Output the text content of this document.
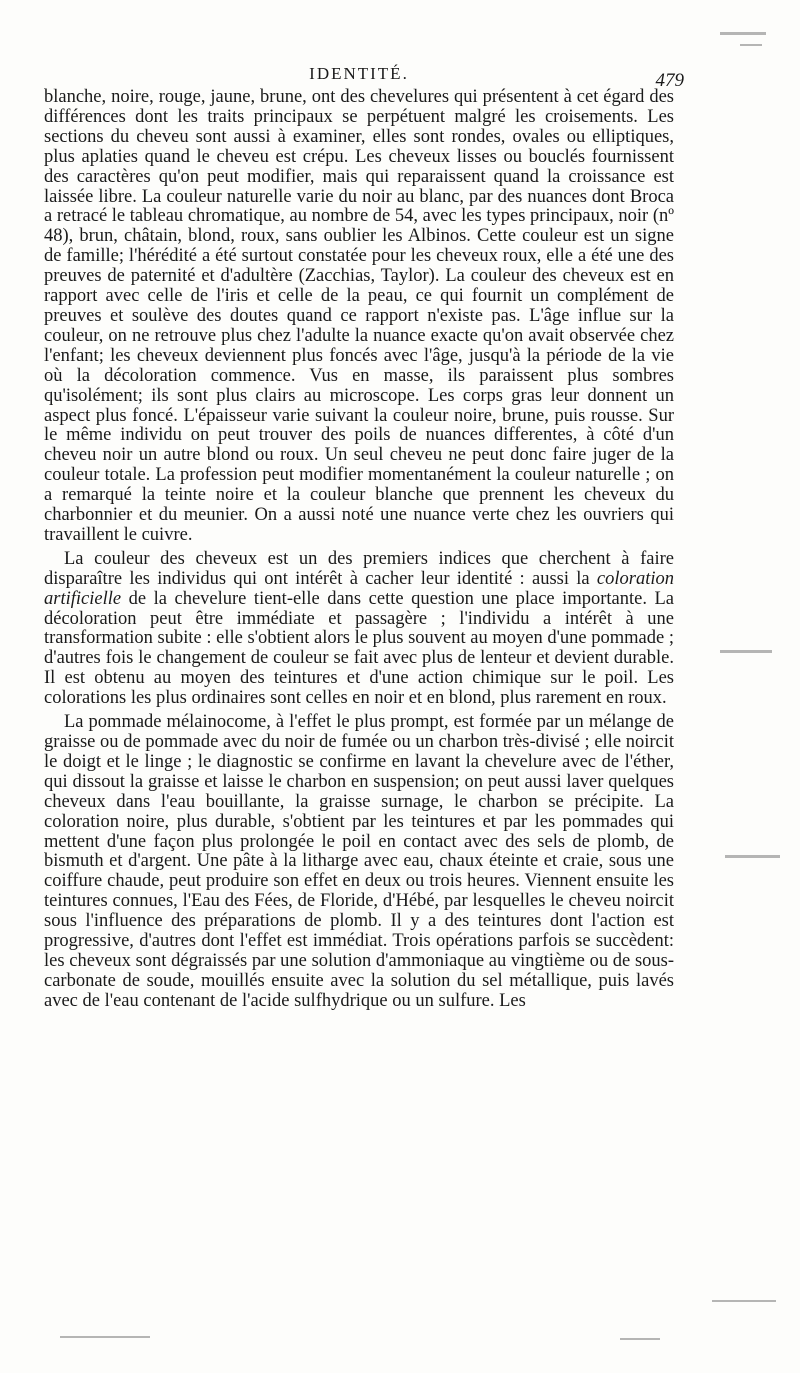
IDENTITÉ.	479

blanche, noire, rouge, jaune, brune, ont des chevelures qui présentent à cet égard des différences dont les traits principaux se perpétuent malgré les croisements. Les sections du cheveu sont aussi à examiner, elles sont rondes, ovales ou elliptiques, plus aplaties quand le cheveu est crépu. Les cheveux lisses ou bouclés fournissent des caractères qu'on peut modifier, mais qui reparaissent quand la croissance est laissée libre. La couleur naturelle varie du noir au blanc, par des nuances dont Broca a retracé le tableau chromatique, au nombre de 54, avec les types principaux, noir (nº 48), brun, châtain, blond, roux, sans oublier les Albinos. Cette couleur est un signe de famille; l'hérédité a été surtout constatée pour les cheveux roux, elle a été une des preuves de paternité et d'adultère (Zacchias, Taylor). La couleur des cheveux est en rapport avec celle de l'iris et celle de la peau, ce qui fournit un complément de preuves et soulève des doutes quand ce rapport n'existe pas. L'âge influe sur la couleur, on ne retrouve plus chez l'adulte la nuance exacte qu'on avait observée chez l'enfant; les cheveux deviennent plus foncés avec l'âge, jusqu'à la période de la vie où la décoloration commence. Vus en masse, ils paraissent plus sombres qu'isolément; ils sont plus clairs au microscope. Les corps gras leur donnent un aspect plus foncé. L'épaisseur varie suivant la couleur noire, brune, puis rousse. Sur le même individu on peut trouver des poils de nuances differentes, à côté d'un cheveu noir un autre blond ou roux. Un seul cheveu ne peut donc faire juger de la couleur totale. La profession peut modifier momentanément la couleur naturelle ; on a remarqué la teinte noire et la couleur blanche que prennent les cheveux du charbonnier et du meunier. On a aussi noté une nuance verte chez les ouvriers qui travaillent le cuivre.

La couleur des cheveux est un des premiers indices que cherchent à faire disparaître les individus qui ont intérêt à cacher leur identité : aussi la coloration artificielle de la chevelure tient-elle dans cette question une place importante. La décoloration peut être immédiate et passagère ; l'individu a intérêt à une transformation subite : elle s'obtient alors le plus souvent au moyen d'une pommade ; d'autres fois le changement de couleur se fait avec plus de lenteur et devient durable. Il est obtenu au moyen des teintures et d'une action chimique sur le poil. Les colorations les plus ordinaires sont celles en noir et en blond, plus rarement en roux.

La pommade mélainocome, à l'effet le plus prompt, est formée par un mélange de graisse ou de pommade avec du noir de fumée ou un charbon très-divisé ; elle noircit le doigt et le linge ; le diagnostic se confirme en lavant la chevelure avec de l'éther, qui dissout la graisse et laisse le charbon en suspension; on peut aussi laver quelques cheveux dans l'eau bouillante, la graisse surnage, le charbon se précipite. La coloration noire, plus durable, s'obtient par les teintures et par les pommades qui mettent d'une façon plus prolongée le poil en contact avec des sels de plomb, de bismuth et d'argent. Une pâte à la litharge avec eau, chaux éteinte et craie, sous une coiffure chaude, peut produire son effet en deux ou trois heures. Viennent ensuite les teintures connues, l'Eau des Fées, de Floride, d'Hébé, par lesquelles le cheveu noircit sous l'influence des préparations de plomb. Il y a des teintures dont l'action est progressive, d'autres dont l'effet est immédiat. Trois opérations parfois se succèdent: les cheveux sont dégraissés par une solution d'ammoniaque au vingtième ou de sous-carbonate de soude, mouillés ensuite avec la solution du sel métallique, puis lavés avec de l'eau contenant de l'acide sulfhydrique ou un sulfure. Les
